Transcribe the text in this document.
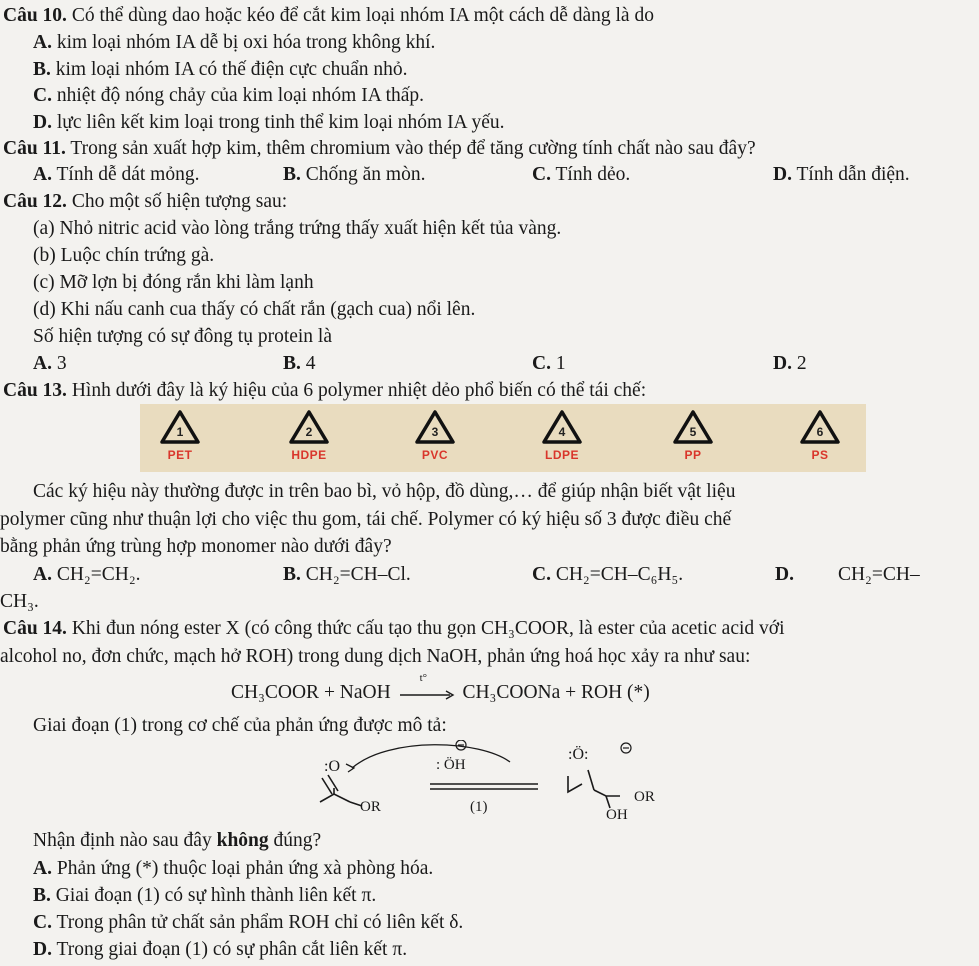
Câu 10. Có thể dùng dao hoặc kéo để cắt kim loại nhóm IA một cách dễ dàng là do
A. kim loại nhóm IA dễ bị oxi hóa trong không khí.
B. kim loại nhóm IA có thế điện cực chuẩn nhỏ.
C. nhiệt độ nóng chảy của kim loại nhóm IA thấp.
D. lực liên kết kim loại trong tinh thể kim loại nhóm IA yếu.
Câu 11. Trong sản xuất hợp kim, thêm chromium vào thép để tăng cường tính chất nào sau đây?
A. Tính dễ dát mỏng.	B. Chống ăn mòn.	C. Tính dẻo.	D. Tính dẫn điện.
Câu 12. Cho một số hiện tượng sau:
(a) Nhỏ nitric acid vào lòng trắng trứng thấy xuất hiện kết tủa vàng.
(b) Luộc chín trứng gà.
(c) Mỡ lợn bị đóng rắn khi làm lạnh
(d) Khi nấu canh cua thấy có chất rắn (gạch cua) nổi lên.
Số hiện tượng có sự đông tụ protein là
A. 3	B. 4	C. 1	D. 2
Câu 13. Hình dưới đây là ký hiệu của 6 polymer nhiệt dẻo phổ biến có thể tái chế:
1
PET
2
HDPE
3
PVC
4
LDPE
5
PP
6
PS
Các ký hiệu này thường được in trên bao bì, vỏ hộp, đồ dùng,… để giúp nhận biết vật liệu
polymer cũng như thuận lợi cho việc thu gom, tái chế. Polymer có ký hiệu số 3 được điều chế
bằng phản ứng trùng hợp monomer nào dưới đây?
A. CH₂=CH₂.	B. CH₂=CH–Cl.	C. CH₂=CH–C₆H₅.	D. CH₂=CH–
CH₃.
Câu 14. Khi đun nóng ester X (có công thức cấu tạo thu gọn CH₃COOR, là ester của acetic acid với
alcohol no, đơn chức, mạch hở ROH) trong dung dịch NaOH, phản ứng hoá học xảy ra như sau:
CH₃COOR + NaOH
t°
CH₃COONa + ROH (*)
Giai đoạn (1) trong cơ chế của phản ứng được mô tả:
:O
OR
: ÖH
(1)
:Ö:
OR
OH
Nhận định nào sau đây không đúng?
A. Phản ứng (*) thuộc loại phản ứng xà phòng hóa.
B. Giai đoạn (1) có sự hình thành liên kết π.
C. Trong phân tử chất sản phẩm ROH chỉ có liên kết δ.
D. Trong giai đoạn (1) có sự phân cắt liên kết π.
